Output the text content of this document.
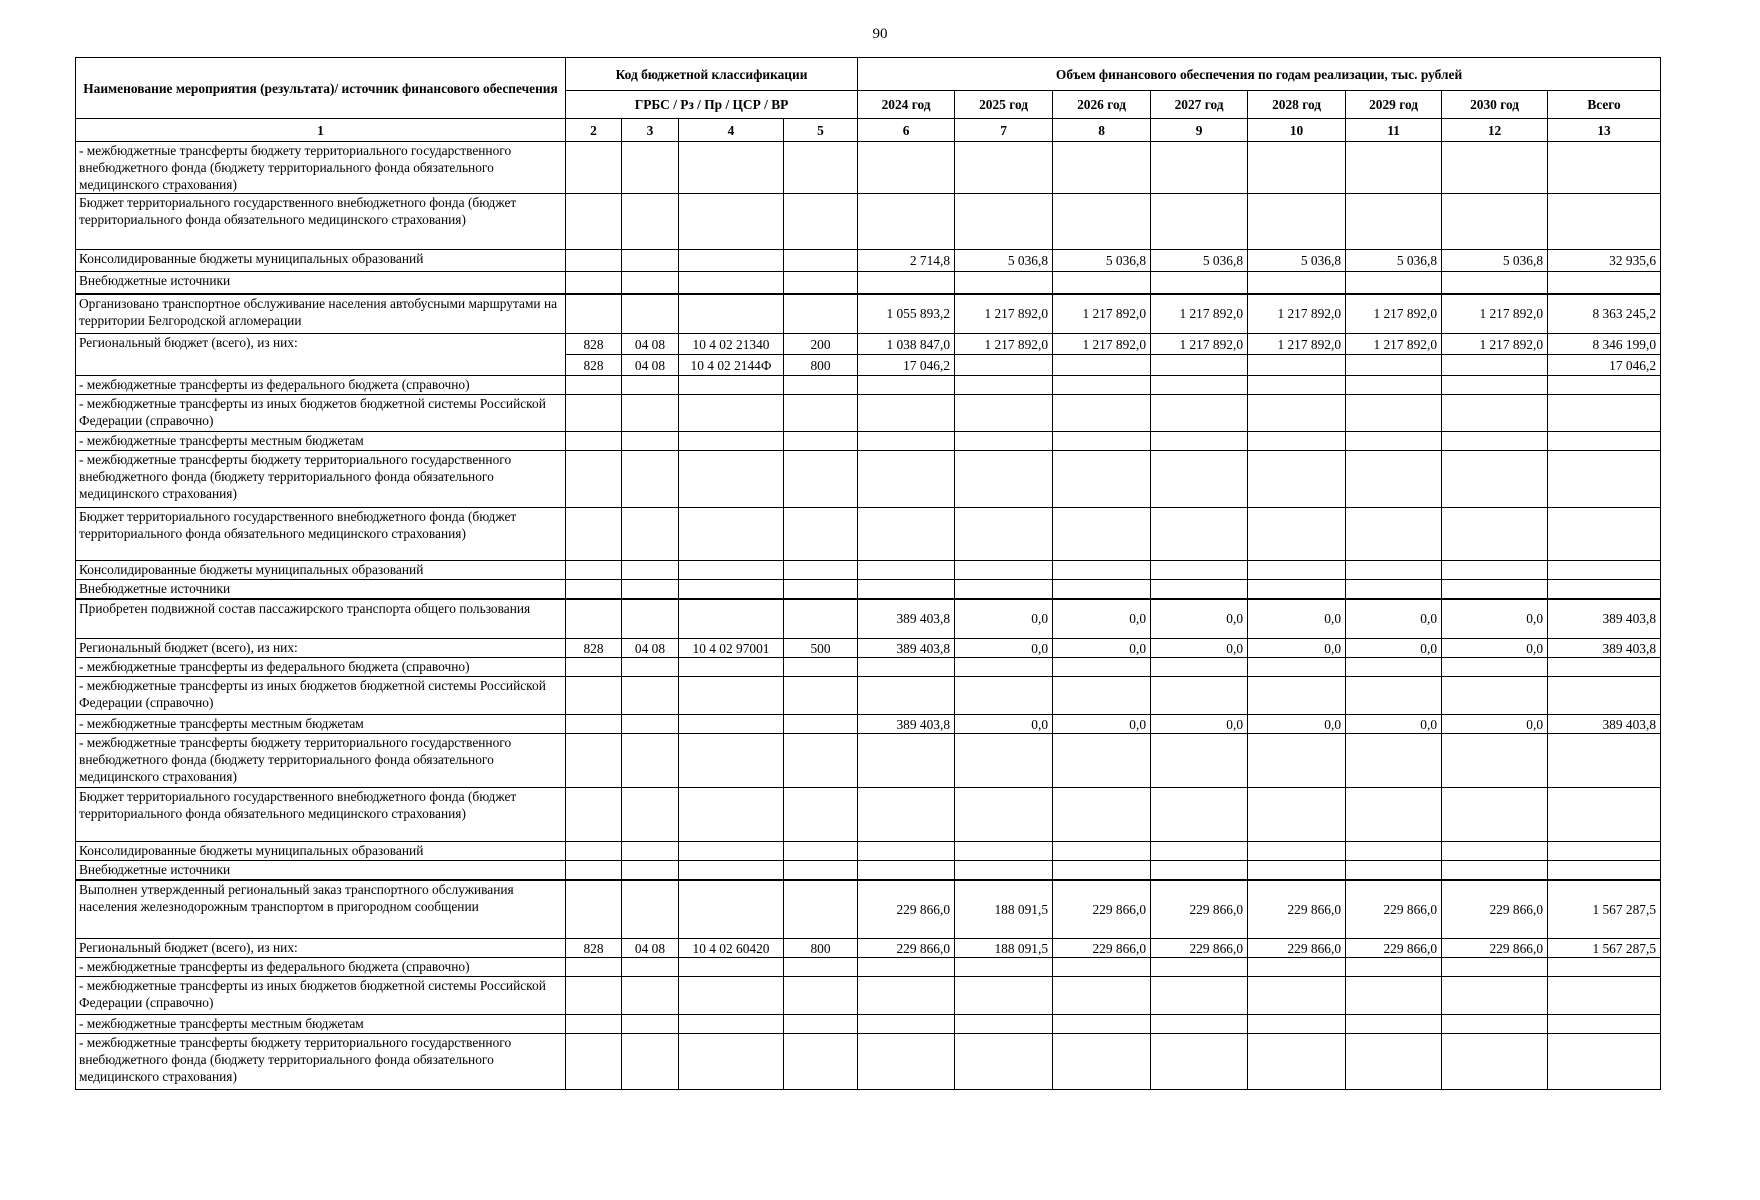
90
Наименование мероприятия (результата)/ источник финансового обеспечения	Код бюджетной классификации				Объем финансового обеспечения по годам реализации, тыс. рублей							
	ГРБС / Рз / Пр / ЦСР / ВР				2024 год	2025 год	2026 год	2027 год	2028 год	2029 год	2030 год	Всего
1	2	3	4	5	6	7	8	9	10	11	12	13
- межбюджетные трансферты бюджету территориального государственного внебюджетного фонда (бюджету территориального фонда обязательного медицинского страхования)												
Бюджет территориального государственного внебюджетного фонда (бюджет территориального фонда обязательного медицинского страхования)												
Консолидированные бюджеты муниципальных образований					2 714,8	5 036,8	5 036,8	5 036,8	5 036,8	5 036,8	5 036,8	32 935,6
Внебюджетные источники												
Организовано транспортное обслуживание населения автобусными маршрутами на территории Белгородской агломерации					1 055 893,2	1 217 892,0	1 217 892,0	1 217 892,0	1 217 892,0	1 217 892,0	1 217 892,0	8 363 245,2
Региональный бюджет (всего), из них:	828	04 08	10 4 02 21340	200	1 038 847,0	1 217 892,0	1 217 892,0	1 217 892,0	1 217 892,0	1 217 892,0	1 217 892,0	8 346 199,0
	828	04 08	10 4 02 2144Ф	800	17 046,2							17 046,2
- межбюджетные трансферты из федерального бюджета (справочно)												
- межбюджетные трансферты из иных бюджетов бюджетной системы Российской Федерации (справочно)												
- межбюджетные трансферты местным бюджетам												
- межбюджетные трансферты бюджету территориального государственного внебюджетного фонда (бюджету территориального фонда обязательного медицинского страхования)												
Бюджет территориального государственного внебюджетного фонда (бюджет территориального фонда обязательного медицинского страхования)												
Консолидированные бюджеты муниципальных образований												
Внебюджетные источники												
Приобретен подвижной состав пассажирского транспорта общего пользования					389 403,8	0,0	0,0	0,0	0,0	0,0	0,0	389 403,8
Региональный бюджет (всего), из них:	828	04 08	10 4 02 97001	500	389 403,8	0,0	0,0	0,0	0,0	0,0	0,0	389 403,8
- межбюджетные трансферты из федерального бюджета (справочно)												
- межбюджетные трансферты из иных бюджетов бюджетной системы Российской Федерации (справочно)												
- межбюджетные трансферты местным бюджетам					389 403,8	0,0	0,0	0,0	0,0	0,0	0,0	389 403,8
- межбюджетные трансферты бюджету территориального государственного внебюджетного фонда (бюджету территориального фонда обязательного медицинского страхования)												
Бюджет территориального государственного внебюджетного фонда (бюджет территориального фонда обязательного медицинского страхования)												
Консолидированные бюджеты муниципальных образований												
Внебюджетные источники												
Выполнен утвержденный региональный заказ транспортного обслуживания населения железнодорожным транспортом в пригородном сообщении					229 866,0	188 091,5	229 866,0	229 866,0	229 866,0	229 866,0	229 866,0	1 567 287,5
Региональный бюджет (всего), из них:	828	04 08	10 4 02 60420	800	229 866,0	188 091,5	229 866,0	229 866,0	229 866,0	229 866,0	229 866,0	1 567 287,5
- межбюджетные трансферты из федерального бюджета (справочно)												
- межбюджетные трансферты из иных бюджетов бюджетной системы Российской Федерации (справочно)												
- межбюджетные трансферты местным бюджетам												
- межбюджетные трансферты бюджету территориального государственного внебюджетного фонда (бюджету территориального фонда обязательного медицинского страхования)												
